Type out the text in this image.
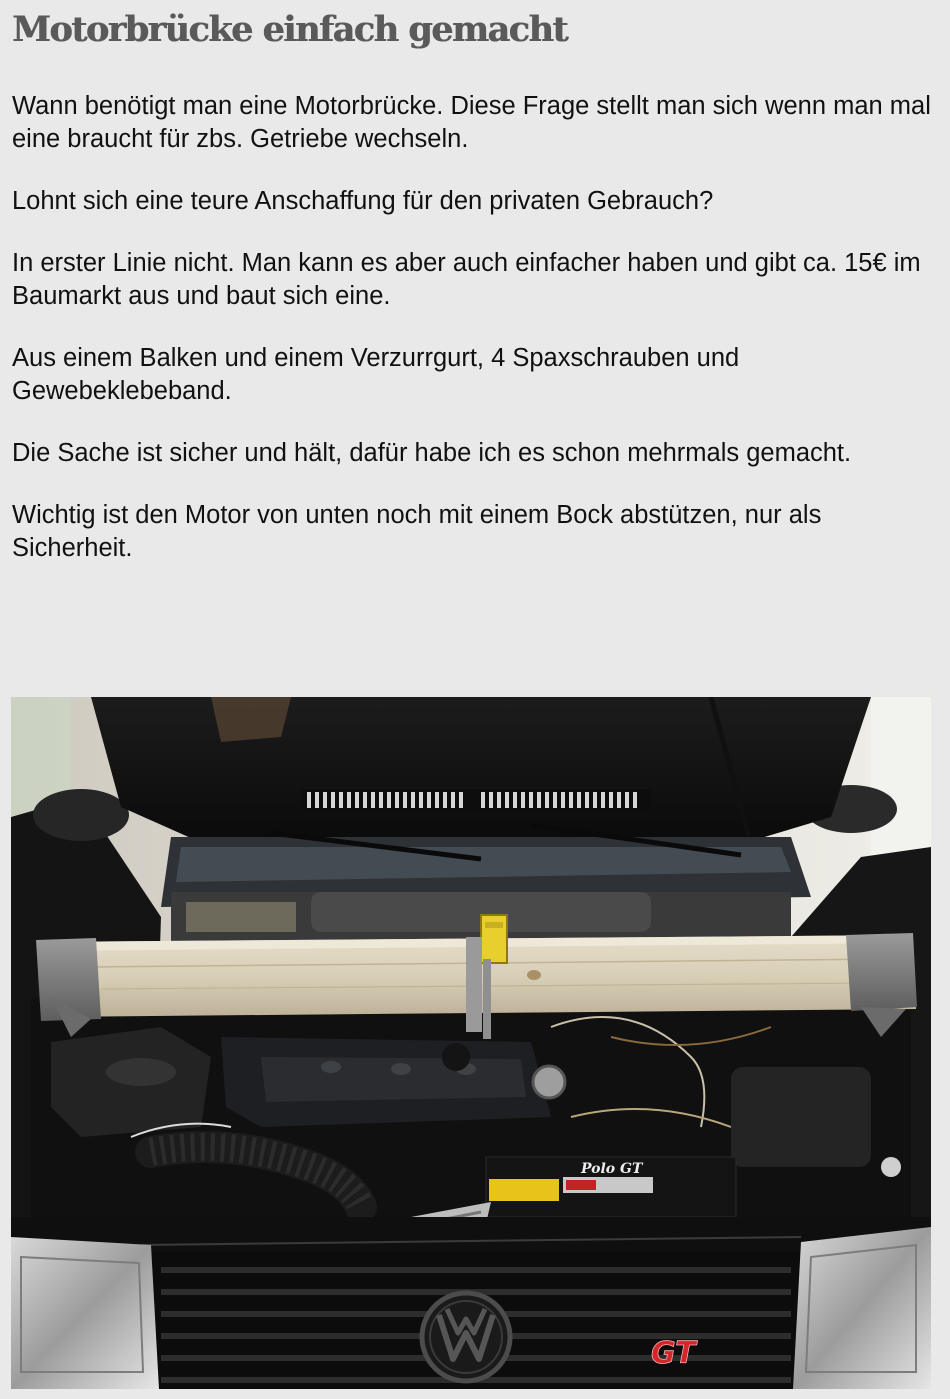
Motorbrücke einfach gemacht

Wann benötigt man eine Motorbrücke. Diese Frage stellt man sich wenn man mal eine braucht für zbs. Getriebe wechseln.

Lohnt sich eine teure Anschaffung für den privaten Gebrauch?

In erster Linie nicht. Man kann es aber auch einfacher haben und gibt ca. 15€ im Baumarkt aus und baut sich eine.

Aus einem Balken und einem Verzurrgurt, 4 Spaxschrauben und Gewebeklebeband.

Die Sache ist sicher und hält, dafür habe ich es schon mehrmals gemacht.

Wichtig ist den Motor von unten noch mit einem Bock abstützen, nur als Sicherheit.

Polo GT
GT
